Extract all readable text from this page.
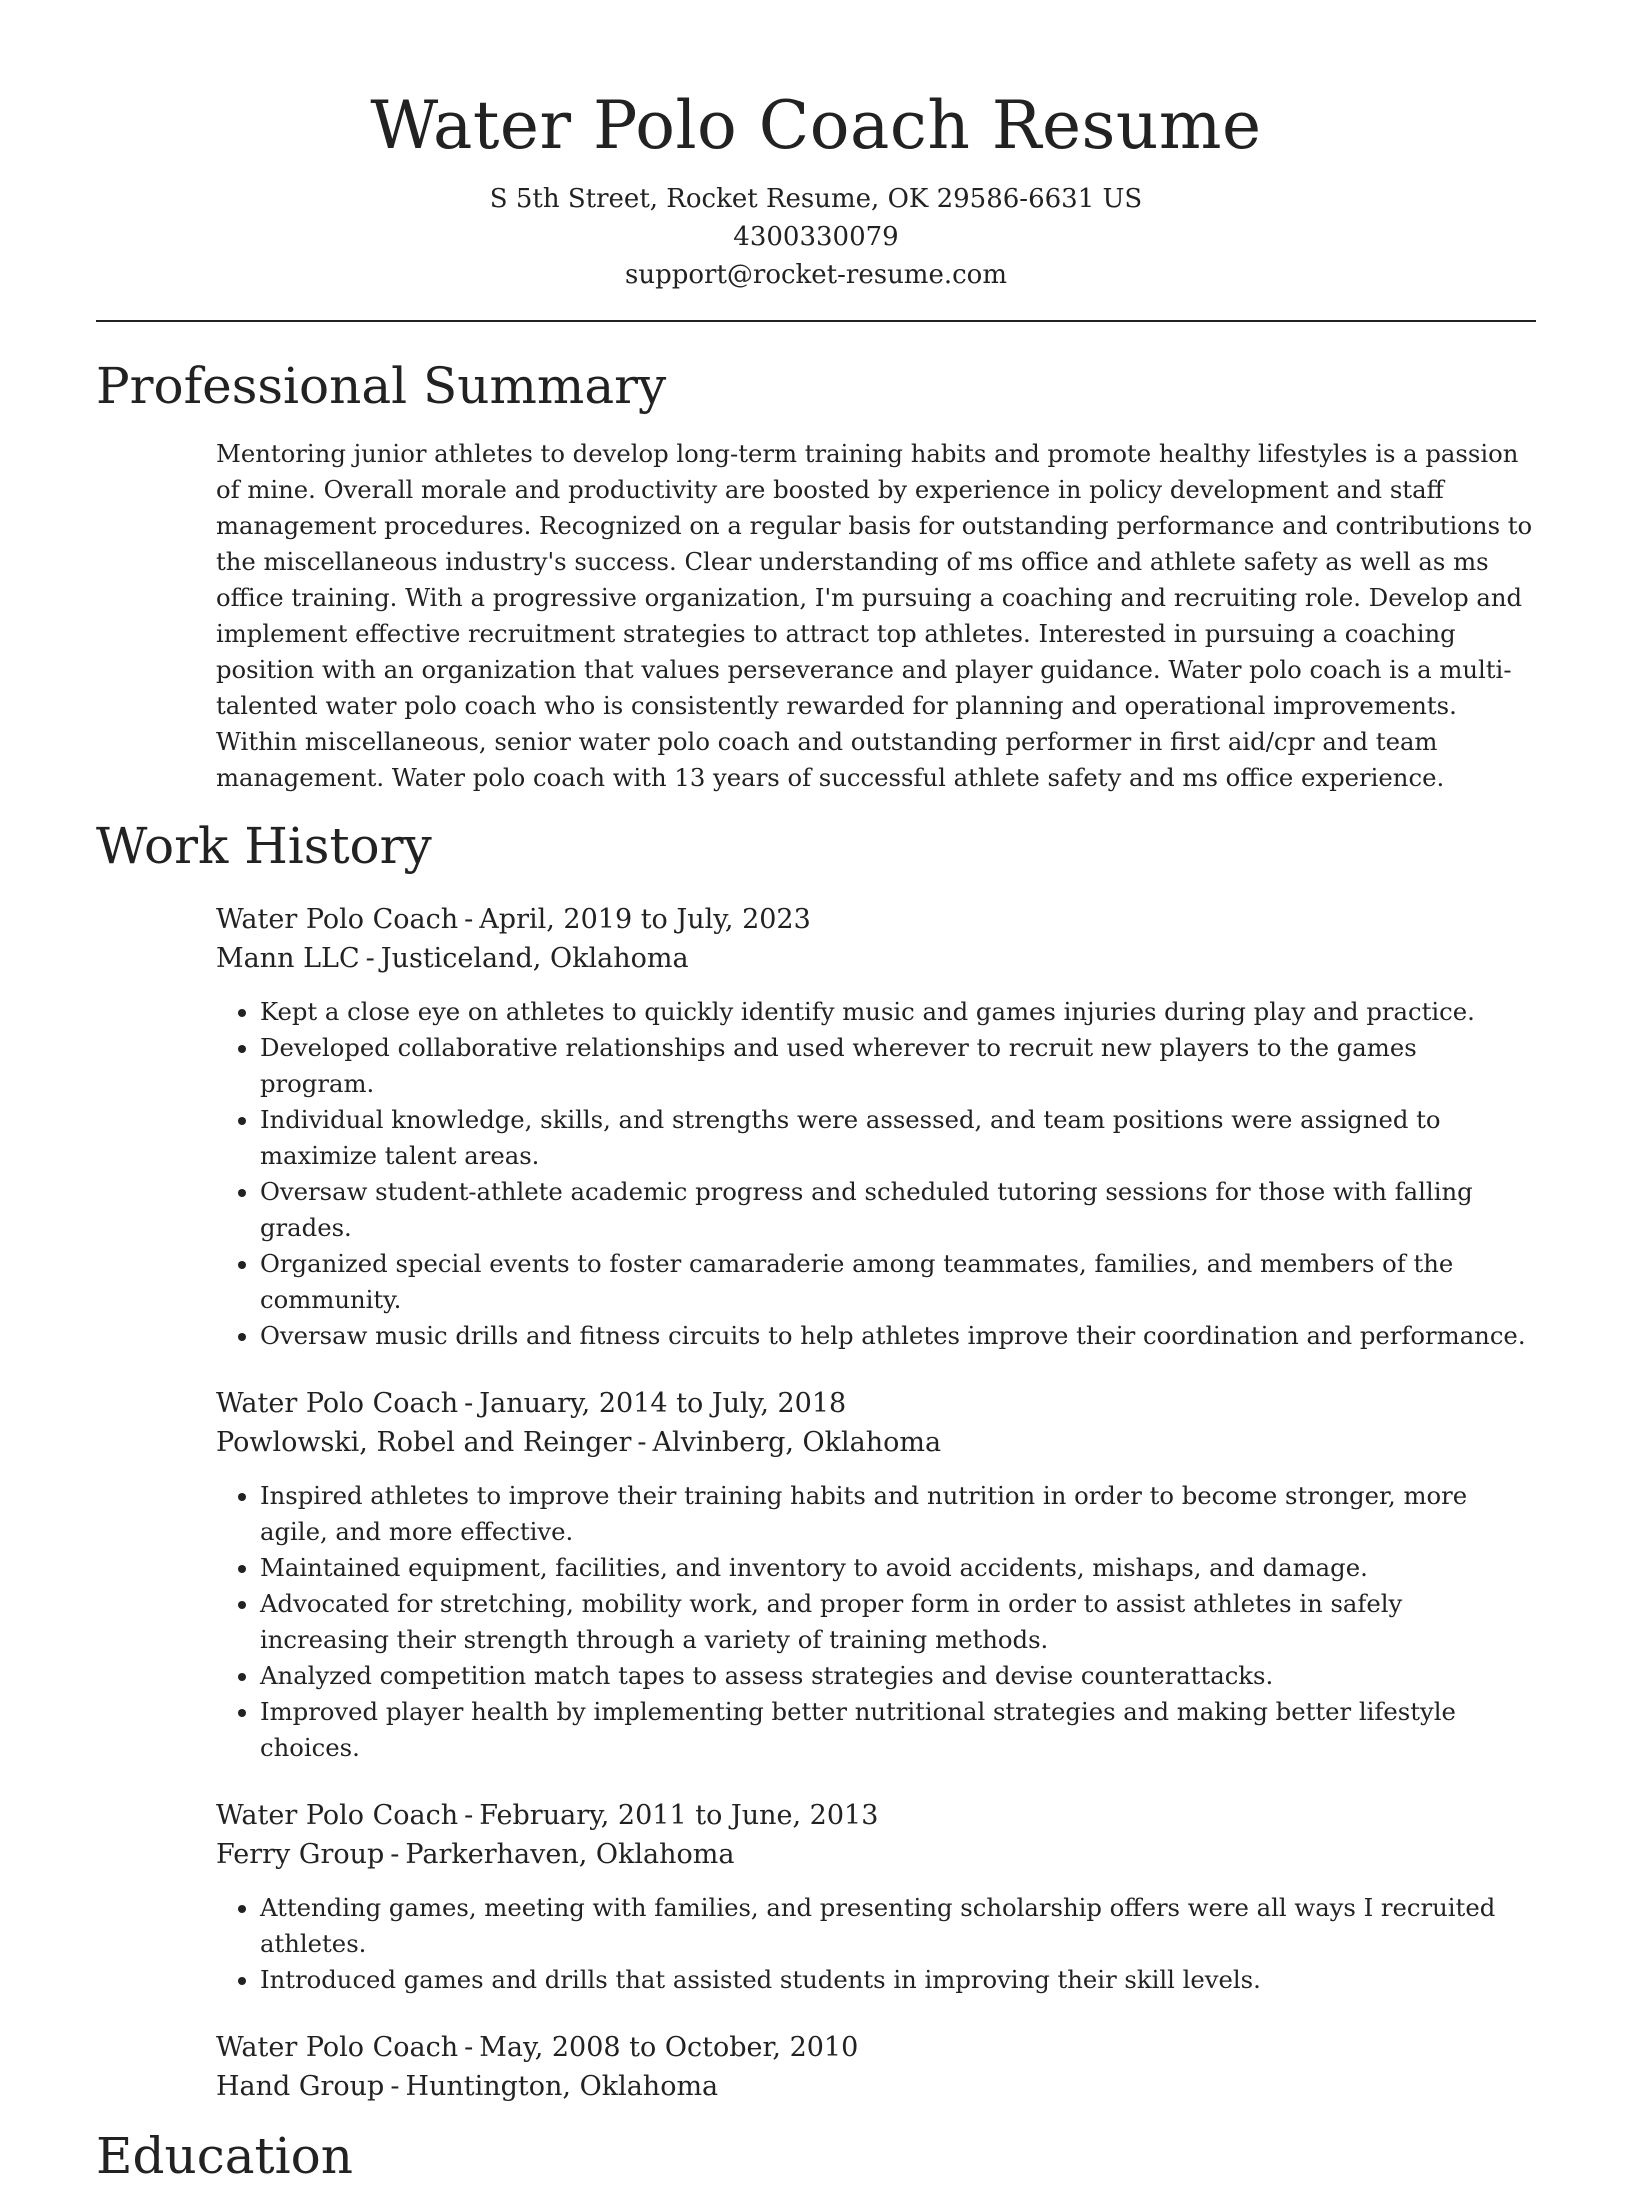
Water Polo Coach Resume
S 5th Street, Rocket Resume, OK 29586-6631 US
4300330079
support@rocket-resume.com
Professional Summary
Mentoring junior athletes to develop long-term training habits and promote healthy lifestyles is a passion of mine. Overall morale and productivity are boosted by experience in policy development and staff management procedures. Recognized on a regular basis for outstanding performance and contributions to the miscellaneous industry's success. Clear understanding of ms office and athlete safety as well as ms office training. With a progressive organization, I'm pursuing a coaching and recruiting role. Develop and implement effective recruitment strategies to attract top athletes. Interested in pursuing a coaching position with an organization that values perseverance and player guidance. Water polo coach is a multi-talented water polo coach who is consistently rewarded for planning and operational improvements. Within miscellaneous, senior water polo coach and outstanding performer in first aid/cpr and team management. Water polo coach with 13 years of successful athlete safety and ms office experience.
Work History
Water Polo Coach - April, 2019 to July, 2023
Mann LLC - Justiceland, Oklahoma
• Kept a close eye on athletes to quickly identify music and games injuries during play and practice.
• Developed collaborative relationships and used wherever to recruit new players to the games program.
• Individual knowledge, skills, and strengths were assessed, and team positions were assigned to maximize talent areas.
• Oversaw student-athlete academic progress and scheduled tutoring sessions for those with falling grades.
• Organized special events to foster camaraderie among teammates, families, and members of the community.
• Oversaw music drills and fitness circuits to help athletes improve their coordination and performance.
Water Polo Coach - January, 2014 to July, 2018
Powlowski, Robel and Reinger - Alvinberg, Oklahoma
• Inspired athletes to improve their training habits and nutrition in order to become stronger, more agile, and more effective.
• Maintained equipment, facilities, and inventory to avoid accidents, mishaps, and damage.
• Advocated for stretching, mobility work, and proper form in order to assist athletes in safely increasing their strength through a variety of training methods.
• Analyzed competition match tapes to assess strategies and devise counterattacks.
• Improved player health by implementing better nutritional strategies and making better lifestyle choices.
Water Polo Coach - February, 2011 to June, 2013
Ferry Group - Parkerhaven, Oklahoma
• Attending games, meeting with families, and presenting scholarship offers were all ways I recruited athletes.
• Introduced games and drills that assisted students in improving their skill levels.
Water Polo Coach - May, 2008 to October, 2010
Hand Group - Huntington, Oklahoma
Education
